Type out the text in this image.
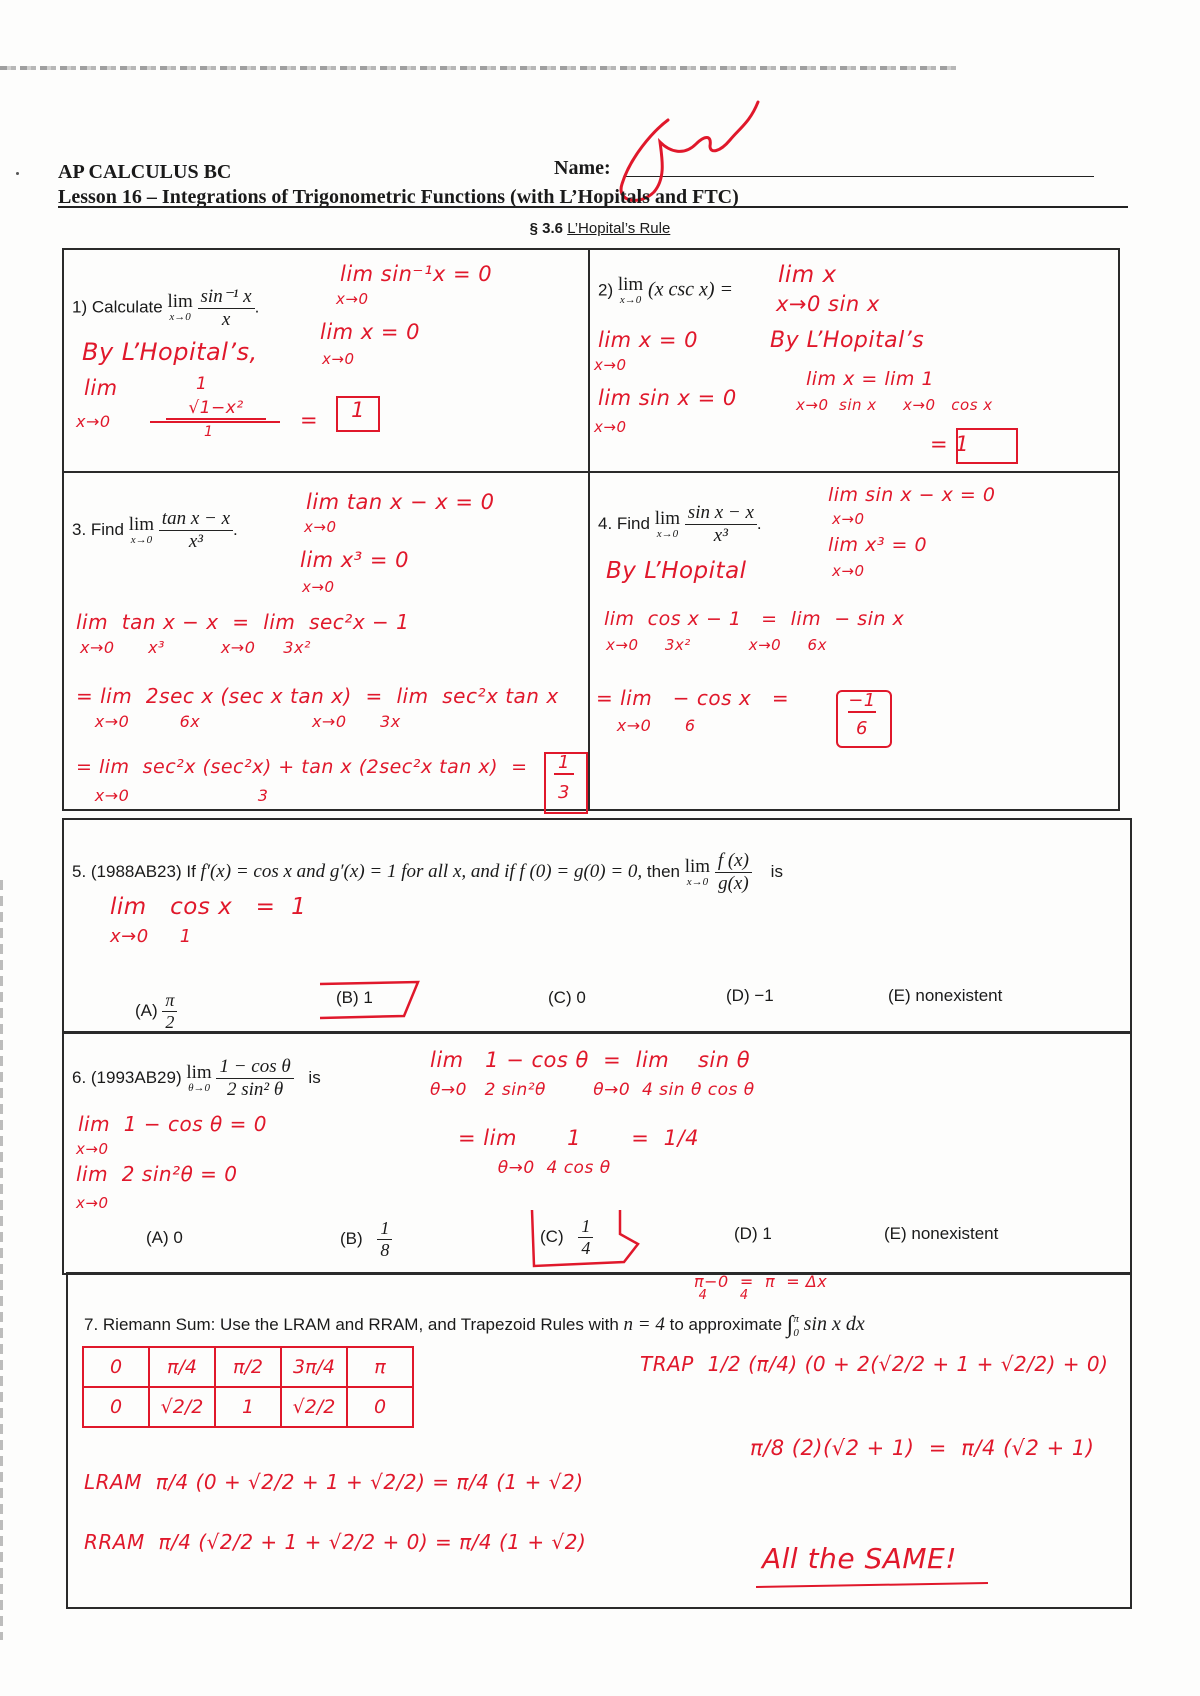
AP CALCULUS BC	Name:
Lesson 16 – Integrations of Trigonometric Functions (with L’Hopitals and FTC)
§ 3.6 L’Hopital’s Rule
1) Calculate lim
x→0
$\frac{\text{sin⁻¹ x}}{x}$ .
lim sin⁻¹x = 0
x→0
lim x = 0
x→0
By L’Hopital’s,
lim
x→0
1
√1−x²
1	=	1
2) lim
x→0 (x csc x) =
lim x
x→0 sin x
lim x = 0
x→0
lim sin x = 0
x→0
By L’Hopital’s
lim x = lim 1
x→0  sin x     x→0   cos x
= 1
3. Find lim
x→0
$\frac{\text{tan x − x}}{\text{x³}}$ .
lim tan x − x = 0
x→0
lim x³ = 0
x→0
lim  tan x − x  =  lim  sec²x − 1
x→0      x³          x→0     3x²
= lim  2sec x (sec x tan x)  =  lim  sec²x tan x
x→0         6x                    x→0      3x
= lim  sec²x (sec²x) + tan x (2sec²x tan x)  =
x→0                       3
1
3
4. Find lim
x→0
$\frac{\text{sin x − x}}{\text{x³}}$ .
lim sin x − x = 0
x→0
lim x³ = 0
x→0
By L’Hopital
lim  cos x − 1   =  lim  − sin x
x→0     3x²           x→0     6x
= lim   − cos x   =
x→0      6
−1
6
5. (1988AB23) If f′(x) = cos x and g′(x) = 1 for all x, and if f (0) = g(0) = 0, then lim
x→0
$\frac{f (x)}{g(x)}$ is
lim   cos x   =  1
x→0     1
$(A) \frac{\pi}{2}$	(B) 1	(C) 0	(D) −1	(E) nonexistent
6. (1993AB29) lim
θ→0
$\frac{\text{1 − cos θ}}{\text{2 sin² θ}}$ is
lim   1 − cos θ  =  lim    sin θ
θ→0   2 sin²θ        θ→0  4 sin θ cos θ
= lim       1       =  1/4
θ→0  4 cos θ
lim  1 − cos θ = 0
x→0
lim  2 sin²θ = 0
x→0
(A) 0	$(B) \frac{1}{8}$	$(C) \frac{1}{4}$	(D) 1	(E) nonexistent
7. Riemann Sum: Use the LRAM and RRAM, and Trapezoid Rules with n = 4 to approximate ∫ π
0 sin x dx
π−0  =  π  = Δx
4       4
0	π/4	π/2	3π/4	π
0	√2/2	1	√2/2	0
TRAP  1/2 (π/4) (0 + 2(√2/2 + 1 + √2/2) + 0)
π/8 (2)(√2 + 1)  =  π/4 (√2 + 1)
LRAM  π/4 (0 + √2/2 + 1 + √2/2) = π/4 (1 + √2)
RRAM  π/4 (√2/2 + 1 + √2/2 + 0) = π/4 (1 + √2)	All the SAME!
